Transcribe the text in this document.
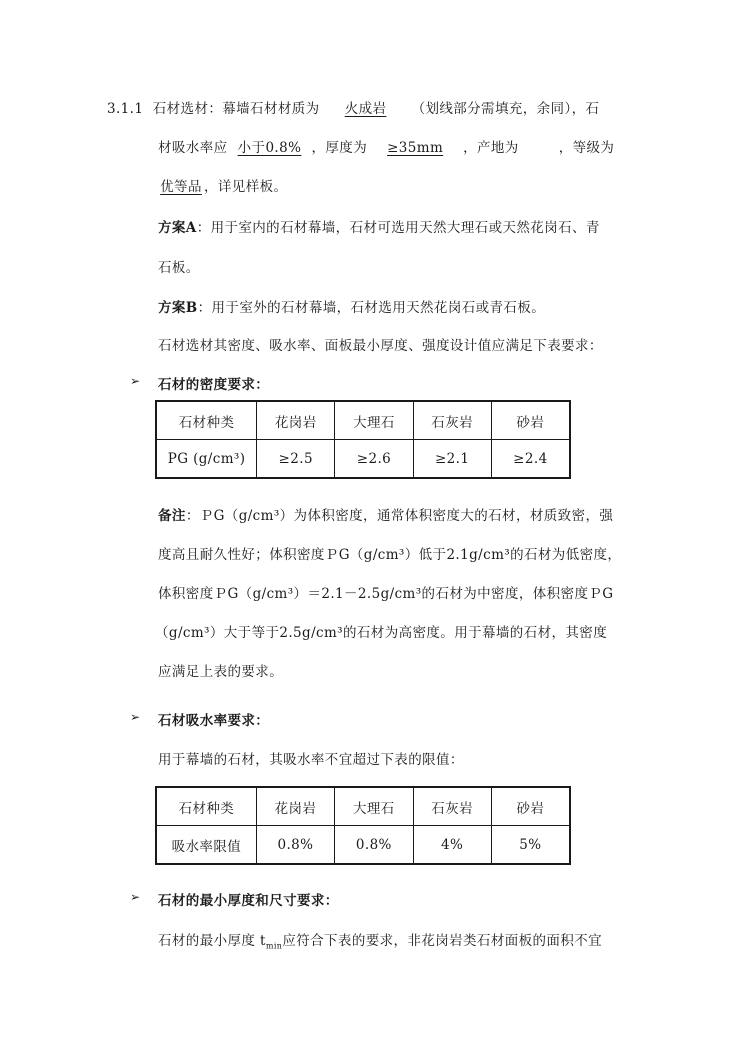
3.1.1 石材选材：幕墙石材材质为 火成岩 （划线部分需填充，余同），石
材吸水率应 小于0.8% ，厚度为 ≥35mm ，产地为	，等级为
优等品 ，详见样板。
方案A：用于室内的石材幕墙，石材可选用天然大理石或天然花岗石、青
石板。
方案B：用于室外的石材幕墙，石材选用天然花岗石或青石板。
石材选材其密度、吸水率、面板最小厚度、强度设计值应满足下表要求：
➢ 石材的密度要求：
石材种类	花岗岩	大理石	石灰岩	砂岩
PG (g/cm³)	≥2.5	≥2.6	≥2.1	≥2.4
备注：ＰG（g/cm³）为体积密度，通常体积密度大的石材，材质致密，强
度高且耐久性好；体积密度ＰG（g/cm³）低于2.1g/cm³的石材为低密度，
体积密度ＰG（g/cm³）＝2.1－2.5g/cm³的石材为中密度，体积密度ＰG
（g/cm³）大于等于2.5g/cm³的石材为高密度。用于幕墙的石材，其密度
应满足上表的要求。
➢ 石材吸水率要求：
用于幕墙的石材，其吸水率不宜超过下表的限值：
石材种类	花岗岩	大理石	石灰岩	砂岩
吸水率限值	0.8%	0.8%	4%	5%
➢ 石材的最小厚度和尺寸要求：
石材的最小厚度 $t_{min}$应符合下表的要求，非花岗岩类石材面板的面积不宜
